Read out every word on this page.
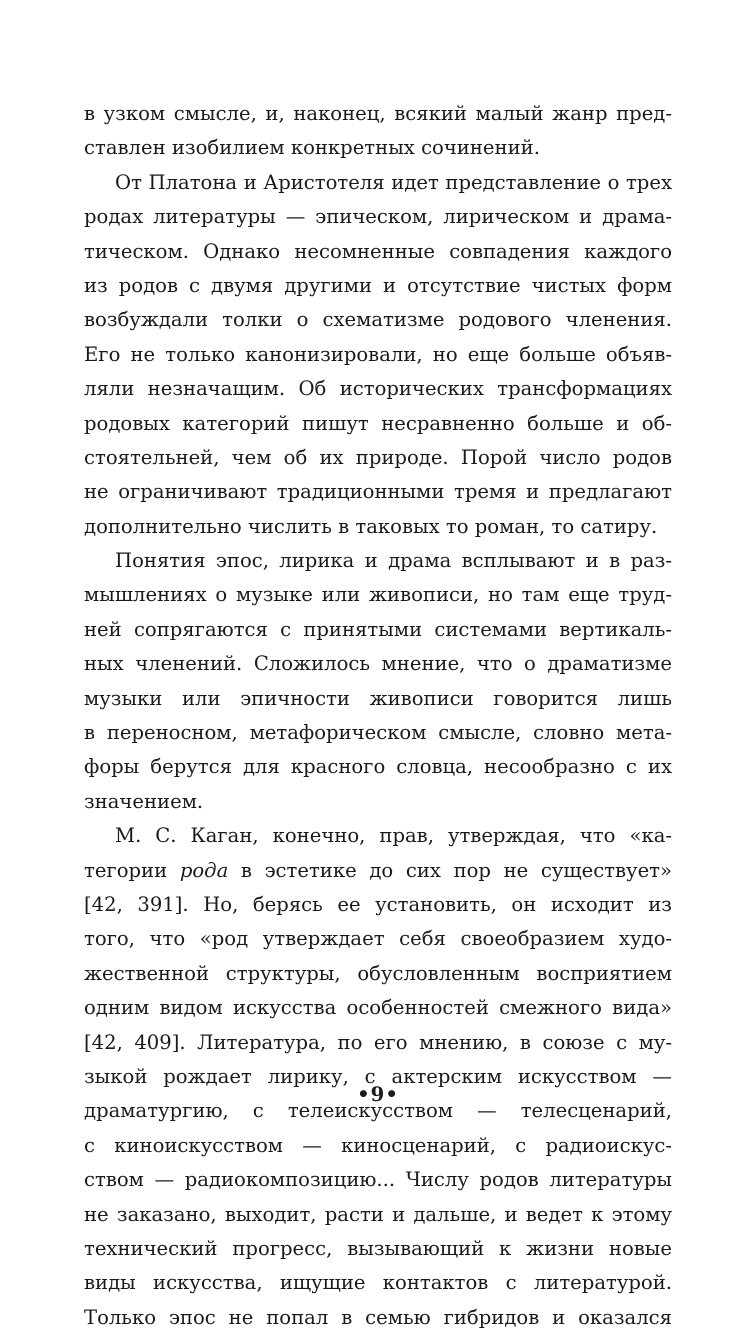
в узком смысле, и, наконец, всякий малый жанр пред-
ставлен изобилием конкретных сочинений.
От Платона и Аристотеля идет представление о трех
родах литературы — эпическом, лирическом и драма-
тическом. Однако несомненные совпадения каждого
из родов с двумя другими и отсутствие чистых форм
возбуждали толки о схематизме родового членения.
Его не только канонизировали, но еще больше объяв-
ляли незначащим. Об исторических трансформациях
родовых категорий пишут несравненно больше и об-
стоятельней, чем об их природе. Порой число родов
не ограничивают традиционными тремя и предлагают
дополнительно числить в таковых то роман, то сатиру.
Понятия эпос, лирика и драма всплывают и в раз-
мышлениях о музыке или живописи, но там еще труд-
ней сопрягаются с принятыми системами вертикаль-
ных членений. Сложилось мнение, что о драматизме
музыки или эпичности живописи говорится лишь
в переносном, метафорическом смысле, словно мета-
форы берутся для красного словца, несообразно с их
значением.
М. С. Каган, конечно, прав, утверждая, что «ка-
тегории рода в эстетике до сих пор не существует»
[42, 391]. Но, берясь ее установить, он исходит из
того, что «род утверждает себя своеобразием худо-
жественной структуры, обусловленным восприятием
одним видом искусства особенностей смежного вида»
[42, 409]. Литература, по его мнению, в союзе с му-
зыкой рождает лирику, с актерским искусством —
драматургию, с телеискусством — телесценарий,
с киноискусством — киносценарий, с радиоискус-
ством — радиокомпозицию... Числу родов литературы
не заказано, выходит, расти и дальше, и ведет к этому
технический прогресс, вызывающий к жизни новые
виды искусства, ищущие контактов с литературой.
Только эпос не попал в семью гибридов и оказался
•9•
